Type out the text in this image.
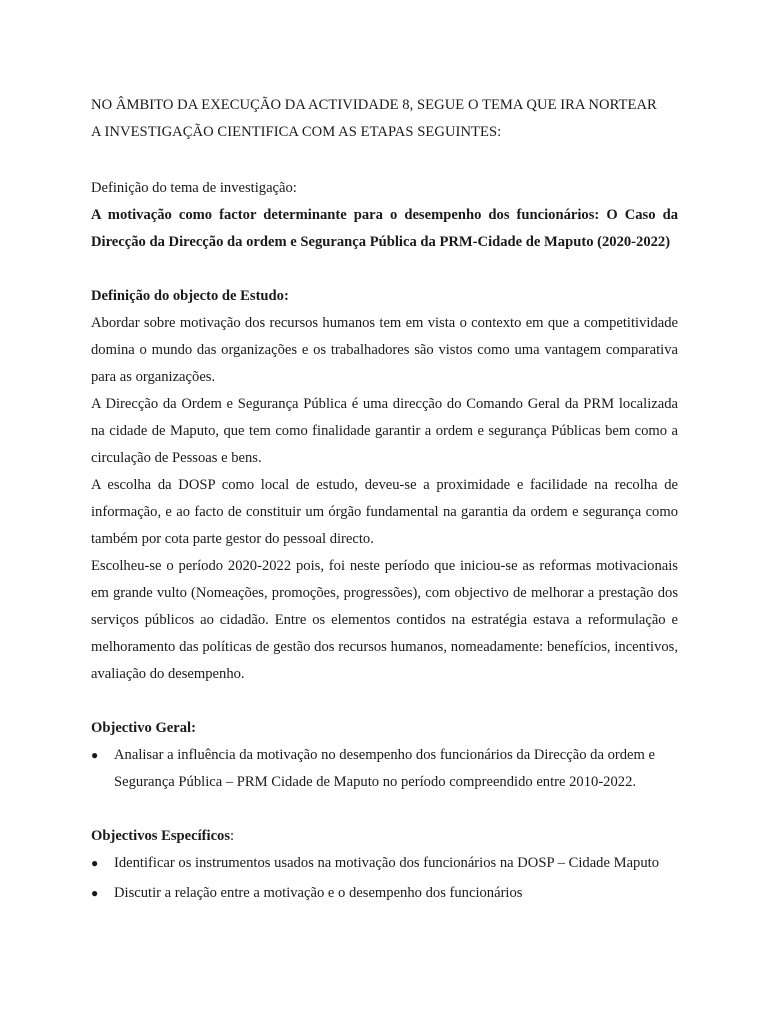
NO ÂMBITO DA EXECUÇÃO DA ACTIVIDADE 8, SEGUE O TEMA QUE IRA NORTEAR

A INVESTIGAÇÃO CIENTIFICA COM AS ETAPAS SEGUINTES:

Definição do tema de investigação:

A motivação como factor determinante para o desempenho dos funcionários: O Caso da Direcção da Direcção da ordem e Segurança Pública da PRM-Cidade de Maputo (2020-2022)

Definição do objecto de Estudo:

Abordar sobre motivação dos recursos humanos tem em vista o contexto em que a competitividade domina o mundo das organizações e os trabalhadores são vistos como uma vantagem comparativa para as organizações.

A Direcção da Ordem e Segurança Pública é uma direcção do Comando Geral da PRM localizada na cidade de Maputo, que tem como finalidade garantir a ordem e segurança Públicas bem como a circulação de Pessoas e bens.

A escolha da DOSP como local de estudo, deveu-se a proximidade e facilidade na recolha de informação, e ao facto de constituir um órgão fundamental na garantia da ordem e segurança como também por cota parte gestor do pessoal directo.

Escolheu-se o período 2020-2022 pois, foi neste período que iniciou-se as reformas motivacionais em grande vulto (Nomeações, promoções, progressões), com objectivo de melhorar a prestação dos serviços públicos ao cidadão. Entre os elementos contidos na estratégia estava a reformulação e melhoramento das políticas de gestão dos recursos humanos, nomeadamente: benefícios, incentivos, avaliação do desempenho.

Objectivo Geral:

● Analisar a influência da motivação no desempenho dos funcionários da Direcção da ordem e Segurança Pública – PRM Cidade de Maputo no período compreendido entre 2010-2022.

Objectivos Específicos:

● Identificar os instrumentos usados na motivação dos funcionários na DOSP – Cidade Maputo
● Discutir a relação entre a motivação e o desempenho dos funcionários
